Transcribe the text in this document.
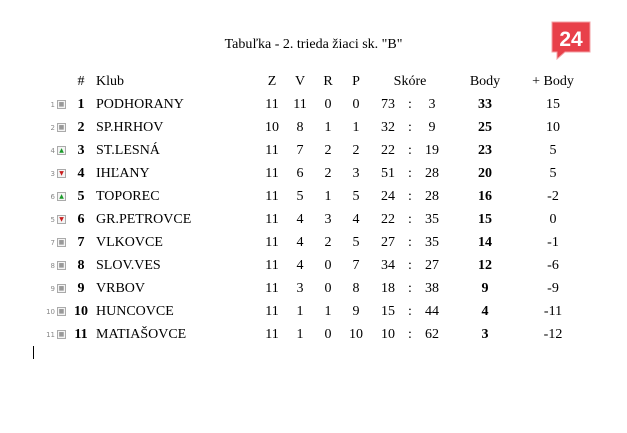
24
Tabuľka - 2. trieda žiaci sk. "B"
	#	Klub	Z	V	R	P	Skóre	Body	+ Body

1 ■	1	PODHORANY	11	11	0	0	73 : 3	33	15

2 ■	2	SP.HRHOV	10	8	1	1	32 : 9	25	10

4 ▲	3	ST.LESNÁ	11	7	2	2	22 : 19	23	5

3 ▼	4	IHĽANY	11	6	2	3	51 : 28	20	5

6 ▲	5	TOPOREC	11	5	1	5	24 : 28	16	-2

5 ▼	6	GR.PETROVCE	11	4	3	4	22 : 35	15	0

7 ■	7	VLKOVCE	11	4	2	5	27 : 35	14	-1

8 ■	8	SLOV.VES	11	4	0	7	34 : 27	12	-6

9 ■	9	VRBOV	11	3	0	8	18 : 38	9	-9

10 ■	10	HUNCOVCE	11	1	1	9	15 : 44	4	-11

11 ■	11	MATIAŠOVCE	11	1	0	10	10 : 62	3	-12
